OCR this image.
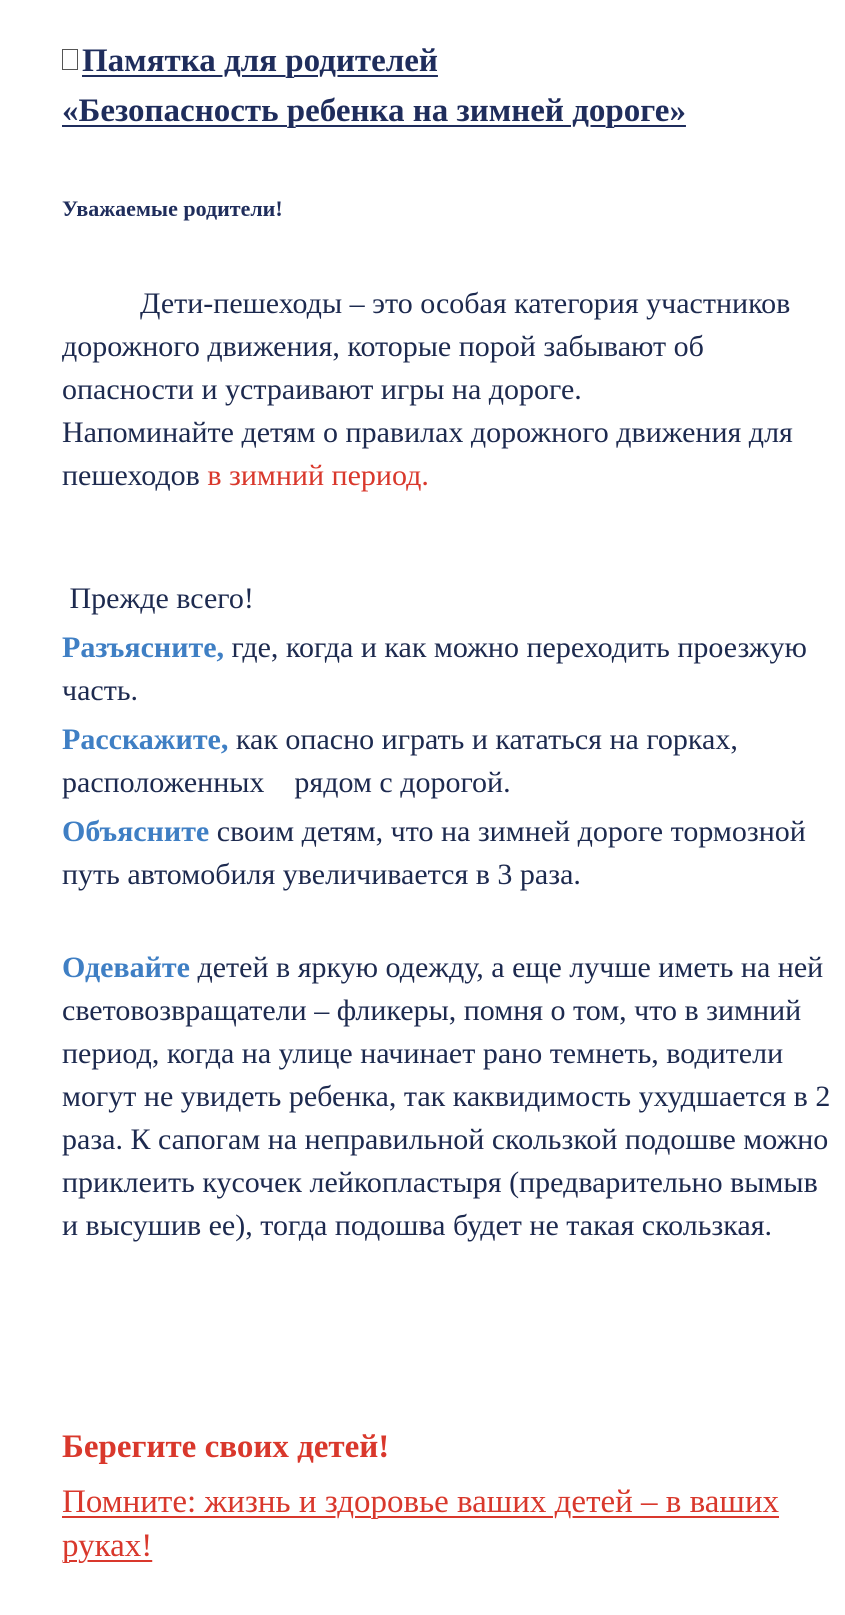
Памятка для родителей
«Безопасность ребенка на зимней дороге»

Уважаемые родители!

Дети-пешеходы – это особая категория участников дорожного движения, которые порой забывают об опасности и устраивают игры на дороге.
Напоминайте детям о правилах дорожного движения для пешеходов в зимний период.

Прежде всего!

Разъясните, где, когда и как можно переходить проезжую часть.

Расскажите, как опасно играть и кататься на горках, расположенных    рядом с дорогой.

Объясните своим детям, что на зимней дороге тормозной путь автомобиля увеличивается в 3 раза.

Одевайте детей в яркую одежду, а еще лучше иметь на ней световозвращатели – фликеры, помня о том, что в зимний период, когда на улице начинает рано темнеть, водители могут не увидеть ребенка, так каквидимость ухудшается в 2 раза. К сапогам на неправильной скользкой подошве можно приклеить кусочек лейкопластыря (предварительно вымыв и высушив ее), тогда подошва будет не такая скользкая.

Берегите своих детей!

Помните: жизнь и здоровье ваших детей – в ваших руках!
